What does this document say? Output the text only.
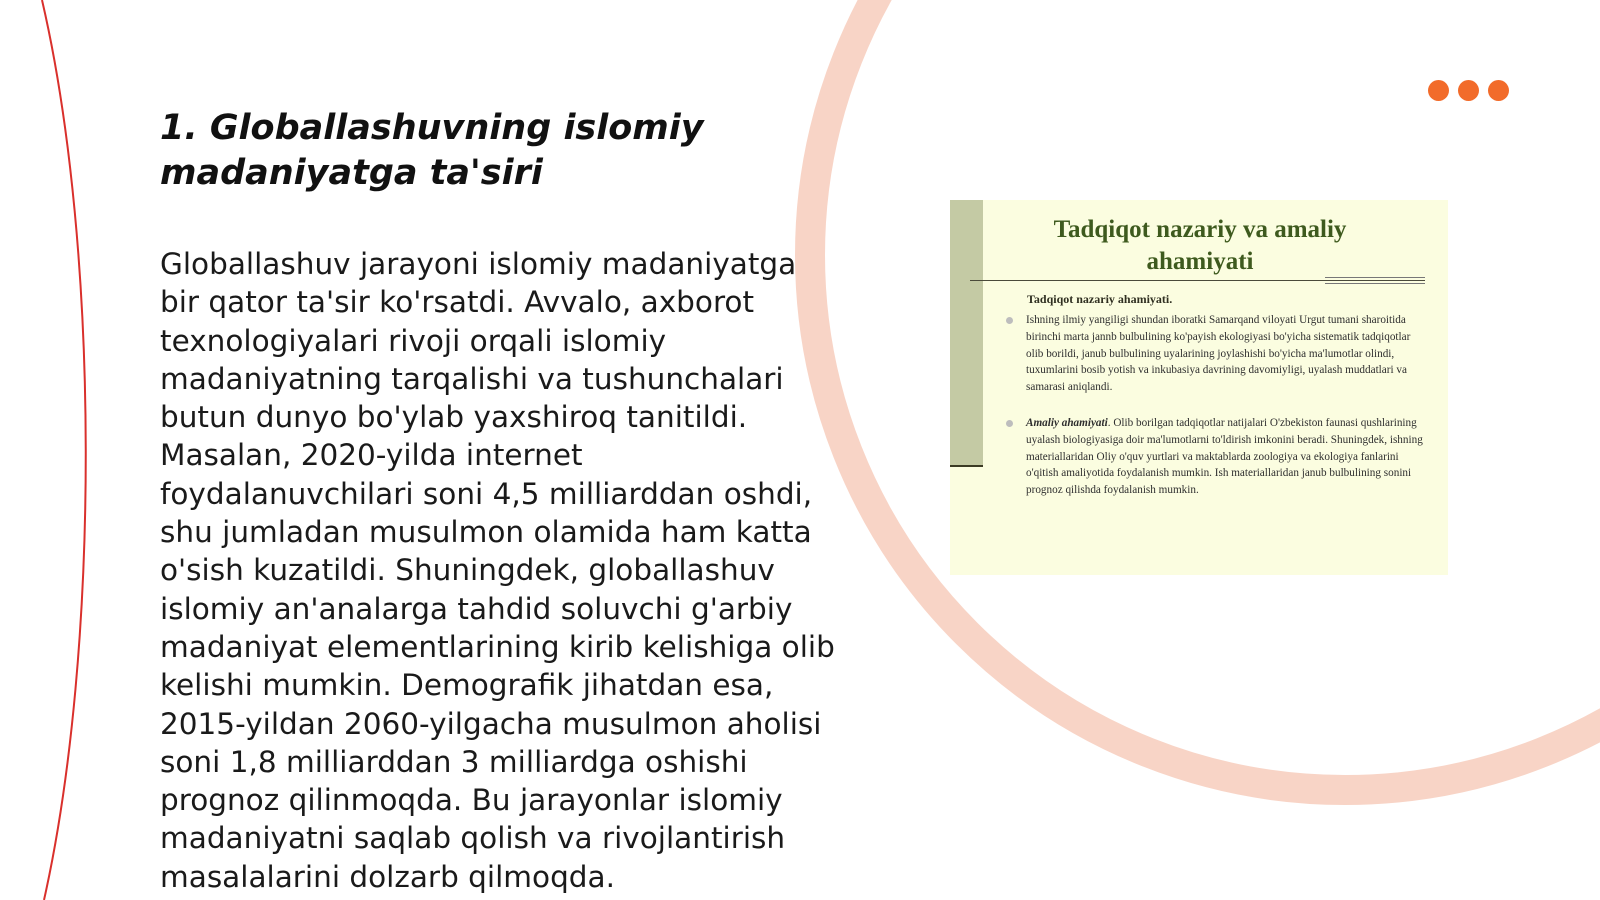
1. Globallashuvning islomiy madaniyatga ta'siri

Globallashuv jarayoni islomiy madaniyatga bir qator ta'sir ko'rsatdi. Avvalo, axborot texnologiyalari rivoji orqali islomiy madaniyatning tarqalishi va tushunchalari butun dunyo bo'ylab yaxshiroq tanitildi. Masalan, 2020-yilda internet foydalanuvchilari soni 4,5 milliarddan oshdi, shu jumladan musulmon olamida ham katta o'sish kuzatildi. Shuningdek, globallashuv islomiy an'analarga tahdid soluvchi g'arbiy madaniyat elementlarining kirib kelishiga olib kelishi mumkin. Demografik jihatdan esa, 2015-yildan 2060-yilgacha musulmon aholisi soni 1,8 milliarddan 3 milliardga oshishi prognoz qilinmoqda. Bu jarayonlar islomiy madaniyatni saqlab qolish va rivojlantirish masalalarini dolzarb qilmoqda.

Tadqiqot nazariy va amaliy ahamiyati

Tadqiqot nazariy ahamiyati.

Ishning ilmiy yangiligi shundan iboratki Samarqand viloyati Urgut tumani sharoitida birinchi marta jannb bulbulining ko'payish ekologiyasi bo'yicha sistematik tadqiqotlar olib borildi, janub bulbulining uyalarining joylashishi bo'yicha ma'lumotlar olindi, tuxumlarini bosib yotish va inkubasiya davrining davomiyligi, uyalash muddatlari va samarasi aniqlandi.

Amaliy ahamiyati. Olib borilgan tadqiqotlar natijalari O'zbekiston faunasi qushlarining uyalash biologiyasiga doir ma'lumotlarni to'ldirish imkonini beradi. Shuningdek, ishning materiallaridan Oliy o'quv yurtlari va maktablarda zoologiya va ekologiya fanlarini o'qitish amaliyotida foydalanish mumkin. Ish materiallaridan janub bulbulining sonini prognoz qilishda foydalanish mumkin.
